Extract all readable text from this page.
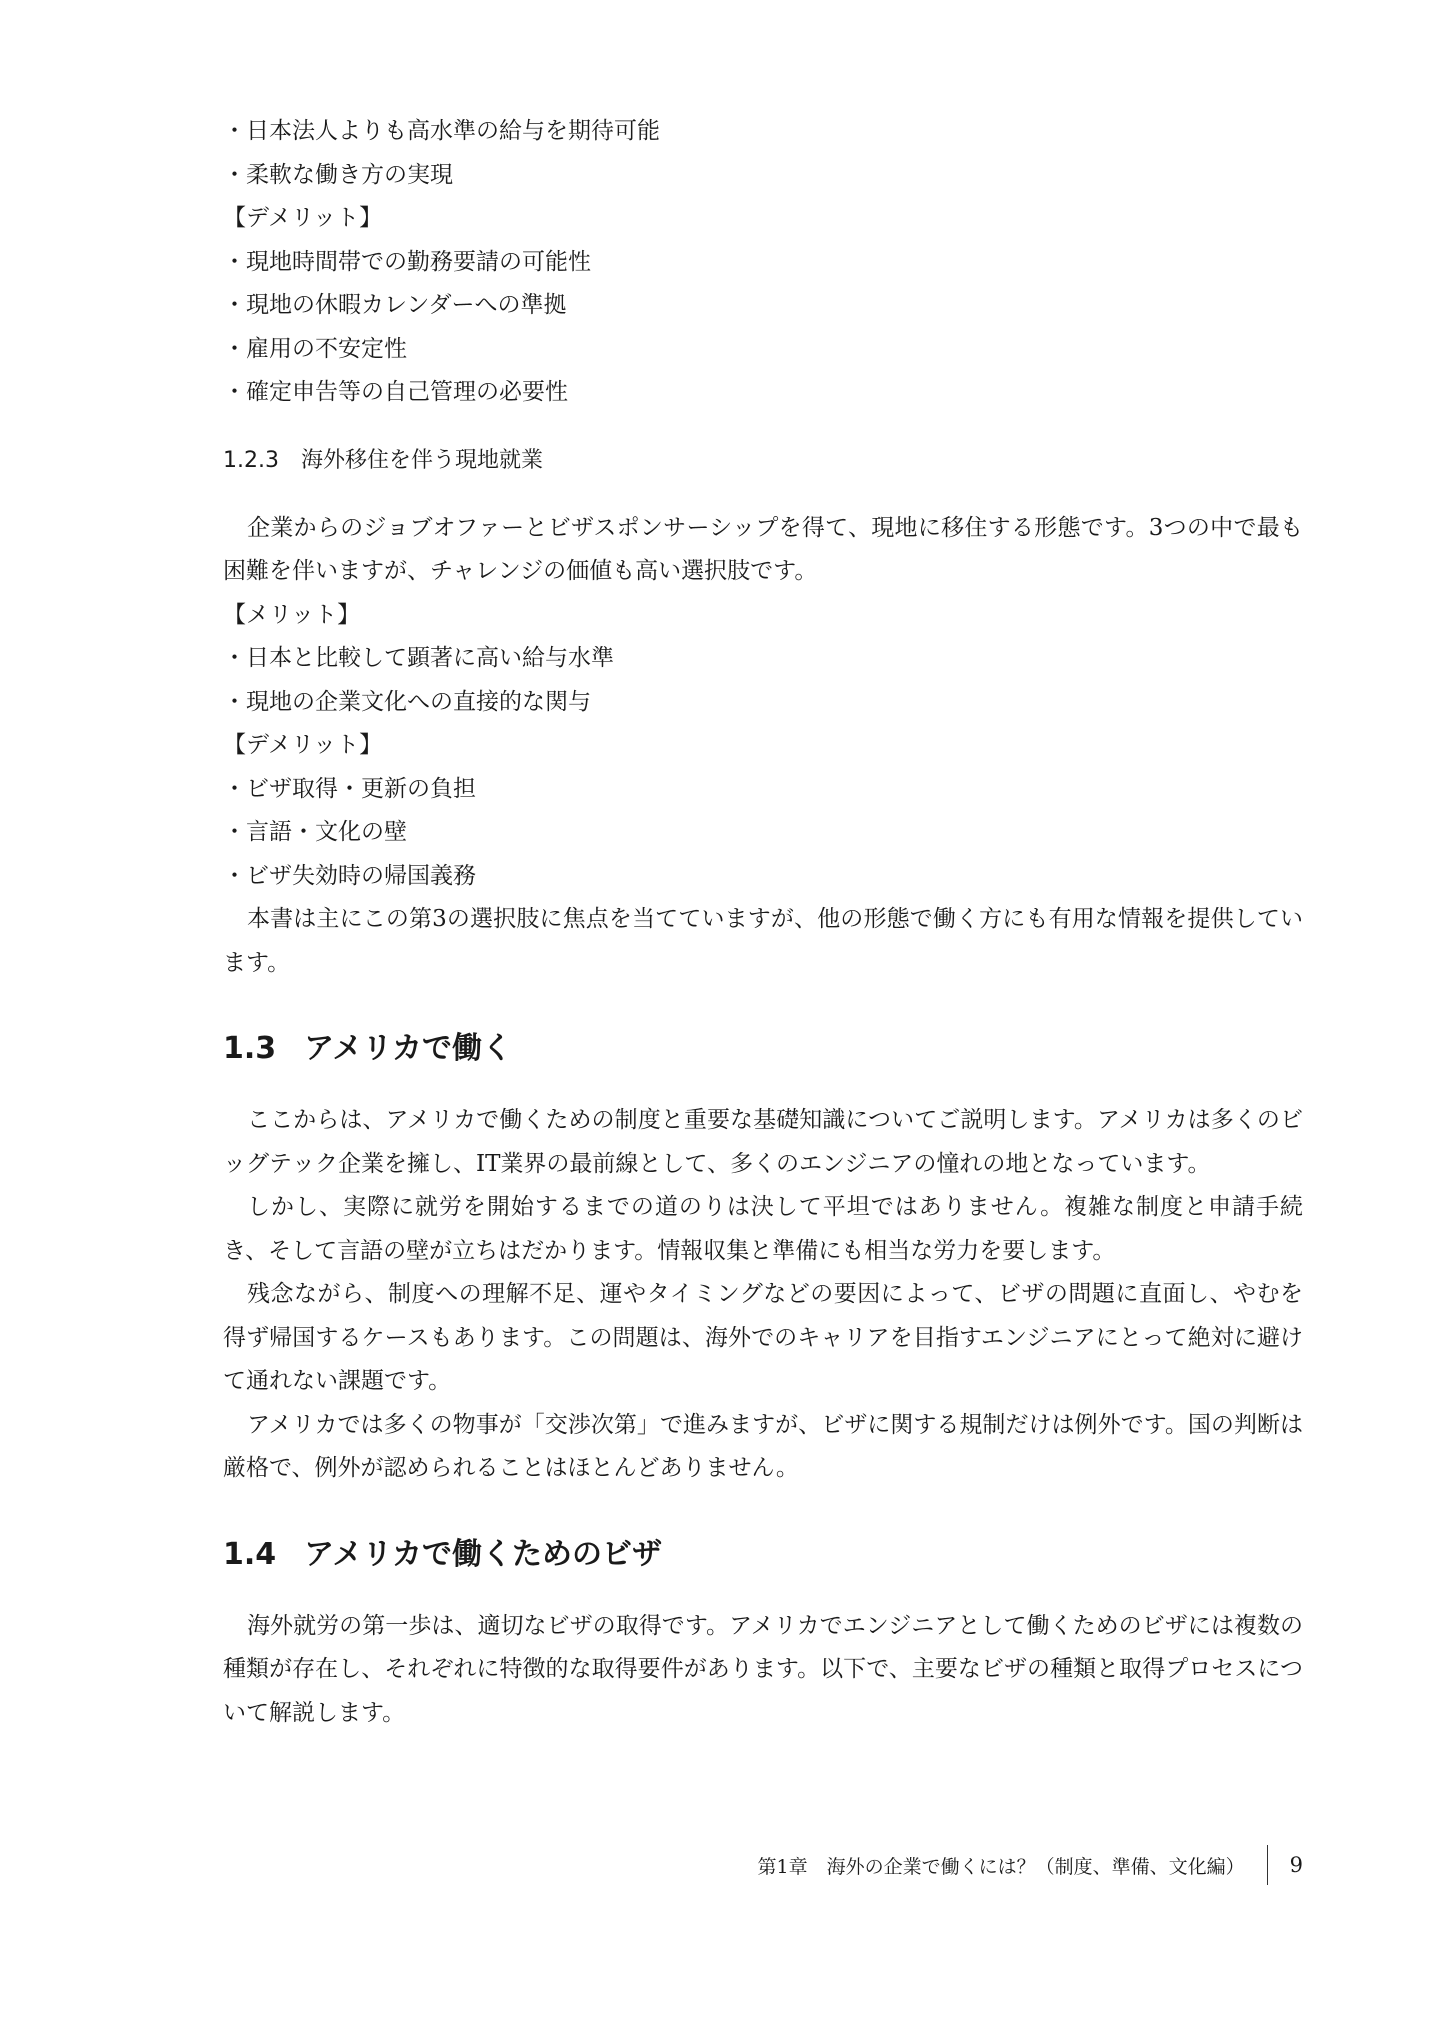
・日本法人よりも高水準の給与を期待可能

・柔軟な働き方の実現

【デメリット】

・現地時間帯での勤務要請の可能性

・現地の休暇カレンダーへの準拠

・雇用の不安定性

・確定申告等の自己管理の必要性

1.2.3 海外移住を伴う現地就業

企業からのジョブオファーとビザスポンサーシップを得て、現地に移住する形態です。3つの中で最も困難を伴いますが、チャレンジの価値も高い選択肢です。

【メリット】

・日本と比較して顕著に高い給与水準

・現地の企業文化への直接的な関与

【デメリット】

・ビザ取得・更新の負担

・言語・文化の壁

・ビザ失効時の帰国義務

本書は主にこの第3の選択肢に焦点を当てていますが、他の形態で働く方にも有用な情報を提供しています。

1.3 アメリカで働く

ここからは、アメリカで働くための制度と重要な基礎知識についてご説明します。アメリカは多くのビッグテック企業を擁し、IT業界の最前線として、多くのエンジニアの憧れの地となっています。

しかし、実際に就労を開始するまでの道のりは決して平坦ではありません。複雑な制度と申請手続き、そして言語の壁が立ちはだかります。情報収集と準備にも相当な労力を要します。

残念ながら、制度への理解不足、運やタイミングなどの要因によって、ビザの問題に直面し、やむを得ず帰国するケースもあります。この問題は、海外でのキャリアを目指すエンジニアにとって絶対に避けて通れない課題です。

アメリカでは多くの物事が「交渉次第」で進みますが、ビザに関する規制だけは例外です。国の判断は厳格で、例外が認められることはほとんどありません。

1.4 アメリカで働くためのビザ

海外就労の第一歩は、適切なビザの取得です。アメリカでエンジニアとして働くためのビザには複数の種類が存在し、それぞれに特徴的な取得要件があります。以下で、主要なビザの種類と取得プロセスについて解説します。

第1章　海外の企業で働くには？（制度、準備、文化編） 9
